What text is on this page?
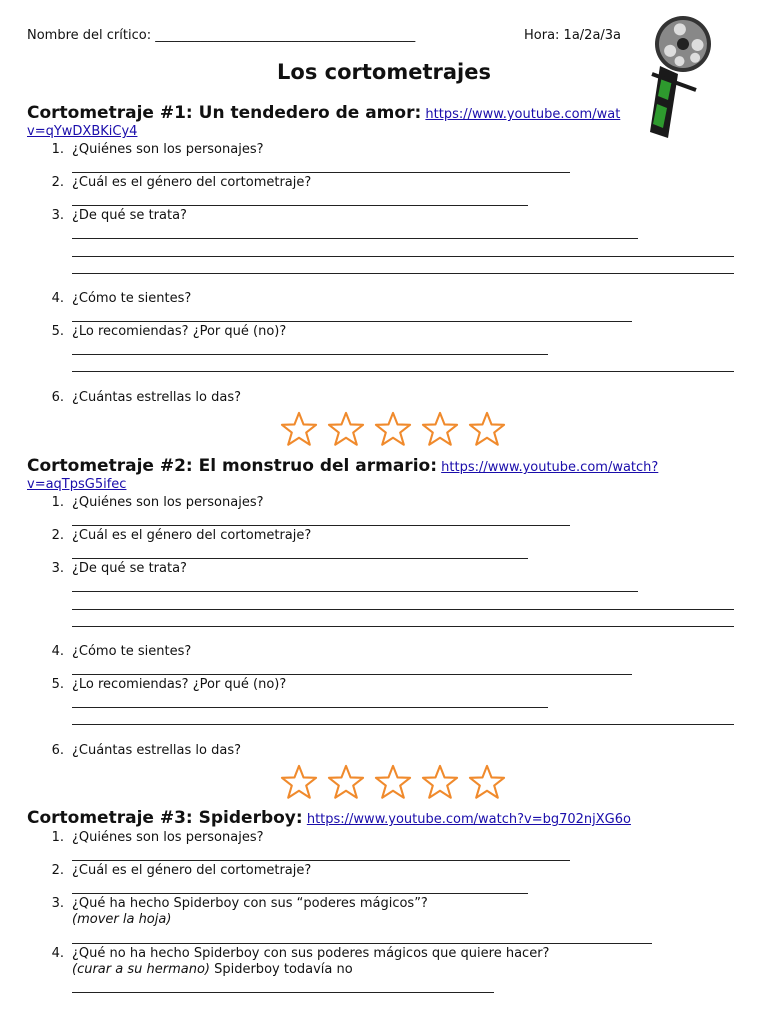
Nombre del crítico: ________________________________________	Hora: 1a/2a/3a
Los cortometrajes
Cortometraje #1: Un tendedero de amor: https://www.youtube.com/wat
v=qYwDXBKiCy4
Cortometraje #2: El monstruo del armario: https://www.youtube.com/watch?
v=aqTpsG5ifec
Cortometraje #3: Spiderboy: https://www.youtube.com/watch?v=bg702njXG6o
1. ¿Quiénes son los personajes?
2. ¿Cuál es el género del cortometraje?
3. ¿De qué se trata?
4. ¿Cómo te sientes?
5. ¿Lo recomiendas? ¿Por qué (no)?
6. ¿Cuántas estrellas lo das?
1. ¿Quiénes son los personajes?
2. ¿Cuál es el género del cortometraje?
3. ¿De qué se trata?
4. ¿Cómo te sientes?
5. ¿Lo recomiendas? ¿Por qué (no)?
6. ¿Cuántas estrellas lo das?
1. ¿Quiénes son los personajes?
2. ¿Cuál es el género del cortometraje?
3. ¿Qué ha hecho Spiderboy con sus “poderes mágicos”?
(mover la hoja)
4. ¿Qué no ha hecho Spiderboy con sus poderes mágicos que quiere hacer?
(curar a su hermano) Spiderboy todavía no
